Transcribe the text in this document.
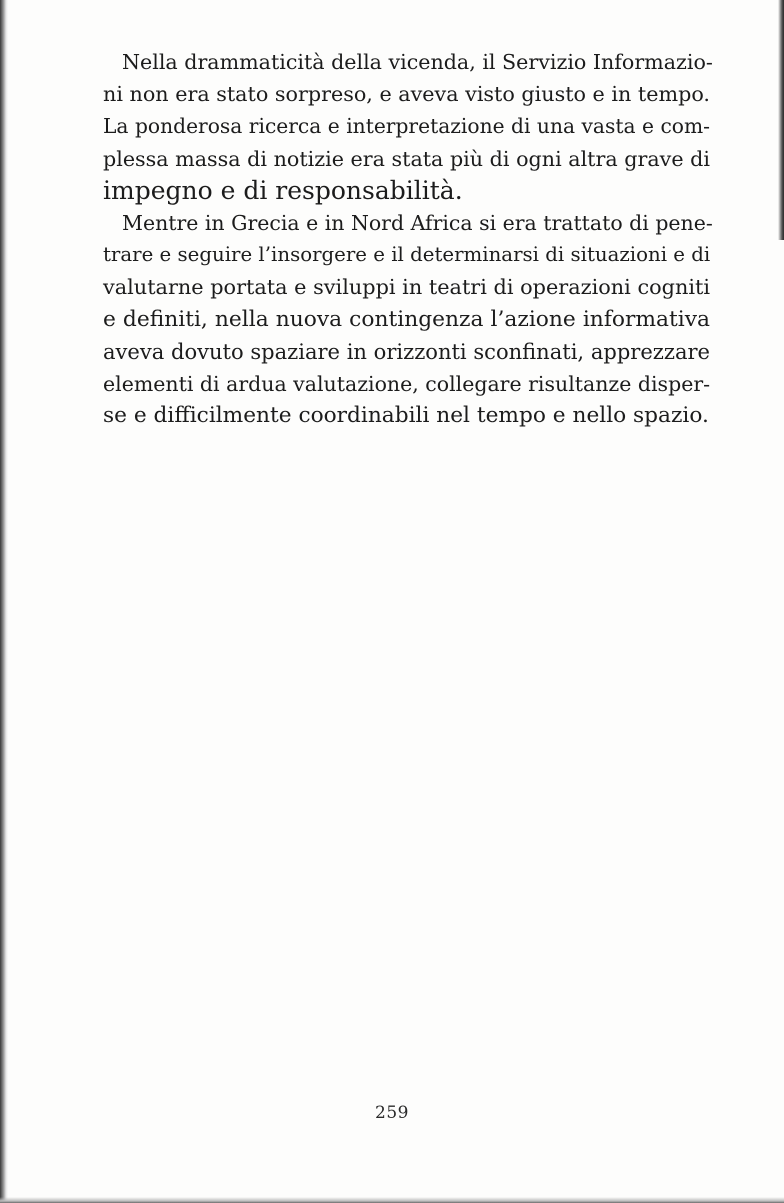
Nella drammaticità della vicenda, il Servizio Informazio-
ni non era stato sorpreso, e aveva visto giusto e in tempo.
La ponderosa ricerca e interpretazione di una vasta e com-
plessa massa di notizie era stata più di ogni altra grave di
impegno e di responsabilità.
Mentre in Grecia e in Nord Africa si era trattato di pene-
trare e seguire l’insorgere e il determinarsi di situazioni e di
valutarne portata e sviluppi in teatri di operazioni cogniti
e definiti, nella nuova contingenza l’azione informativa
aveva dovuto spaziare in orizzonti sconfinati, apprezzare
elementi di ardua valutazione, collegare risultanze disper-
se e difficilmente coordinabili nel tempo e nello spazio.
259
